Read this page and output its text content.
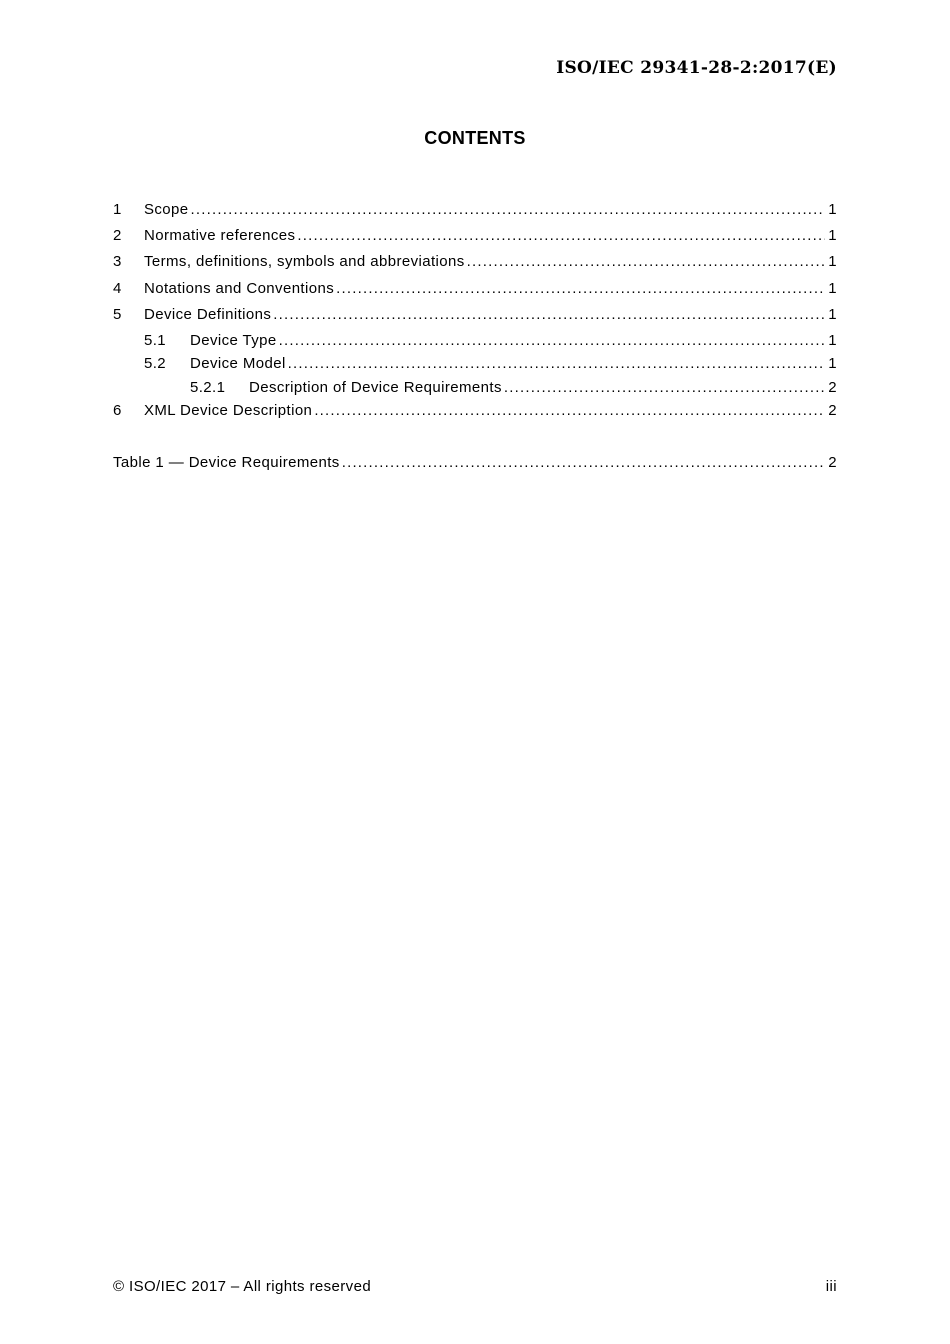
ISO/IEC 29341-28-2:2017(E)
CONTENTS
1	Scope .....	1
2	Normative references .....	1
3	Terms, definitions, symbols and abbreviations .....	1
4	Notations and Conventions .....	1
5	Device Definitions .....	1
5.1	Device Type .....	1
5.2	Device Model .....	1
5.2.1	Description of Device Requirements .....	2
6	XML Device Description .....	2
Table 1 — Device Requirements .....	2
© ISO/IEC 2017 – All rights reserved	iii
